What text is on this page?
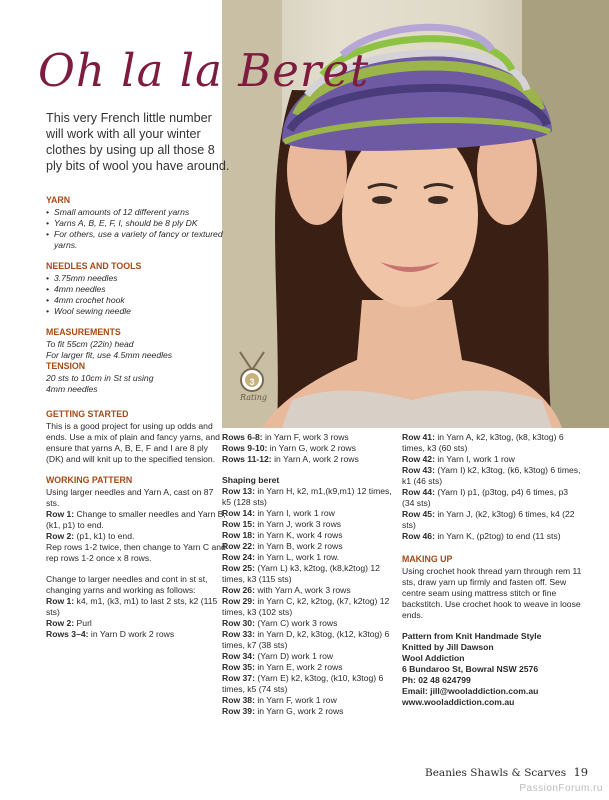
3
Rating
Oh la la Beret
This very French little number will work with all your winter clothes by using up all those 8 ply bits of wool you have around.
YARN
• Small amounts of 12 different yarns
• Yarns A, B, E, F, I, should be 8 ply DK
• For others, use a variety of fancy or textured yarns.
NEEDLES AND TOOLS
• 3.75mm needles
• 4mm needles
• 4mm crochet hook
• Wool sewing needle
MEASUREMENTS

To fit 55cm (22in) head

For larger fit, use 4.5mm needles

TENSION

20 sts to 10cm in St st using

4mm needles

GETTING STARTED

This is a good project for using up odds and ends. Use a mix of plain and fancy yarns, and ensure that yarns A, B, E, F and I are 8 ply (DK) and will knit up to the specified tension.

WORKING PATTERN

Using larger needles and Yarn A, cast on 87 sts.

Row 1: Change to smaller needles and Yarn B, (k1, p1) to end.

Row 2: (p1, k1) to end.

Rep rows 1-2 twice, then change to Yarn C and rep rows 1-2 once x 8 rows.

Change to larger needles and cont in st st, changing yarns and working as follows:

Row 1: k4, m1, (k3, m1) to last 2 sts, k2 (115 sts)

Row 2: Purl

Rows 3–4: in Yarn D work 2 rows

Rows 6-8: in Yarn F, work 3 rows

Rows 9-10: in Yarn G, work 2 rows

Rows 11-12: in Yarn A, work 2 rows

Shaping beret

Row 13: in Yarn H, k2, m1,(k9,m1) 12 times, k5 (128 sts)

Row 14: in Yarn I, work 1 row

Row 15: in Yarn J, work 3 rows

Row 18: in Yarn K, work 4 rows

Row 22: in Yarn B, work 2 rows

Row 24: in Yarn L, work 1 row.

Row 25: (Yarn L) k3, k2tog, (k8,k2tog) 12 times, k3 (115 sts)

Row 26: with Yarn A, work 3 rows

Row 29: in Yarn C, k2, k2tog, (k7, k2tog) 12 times, k3 (102 sts)

Row 30: (Yarn C) work 3 rows

Row 33: in Yarn D, k2, k3tog, (k12, k3tog) 6 times, k7 (38 sts)

Row 34: (Yarn D) work 1 row

Row 35: in Yarn E, work 2 rows

Row 37: (Yarn E) k2, k3tog, (k10, k3tog) 6 times, k5 (74 sts)

Row 38: in Yarn F, work 1 row

Row 39: in Yarn G, work 2 rows

Row 41: in Yarn A, k2, k3tog, (k8, k3tog) 6 times, k3 (60 sts)

Row 42: in Yarn I, work 1 row

Row 43: (Yarn I) k2, k3tog, (k6, k3tog) 6 times, k1 (46 sts)

Row 44: (Yarn I) p1, (p3tog, p4) 6 times, p3 (34 sts)

Row 45: in Yarn J, (k2, k3tog) 6 times, k4 (22 sts)

Row 46: in Yarn K, (p2tog) to end (11 sts)

MAKING UP

Using crochet hook thread yarn through rem 11 sts, draw yarn up firmly and fasten off. Sew centre seam using mattress stitch or fine backstitch. Use crochet hook to weave in loose ends.

Pattern from Knit Handmade Style

Knitted by Jill Dawson

Wool Addiction

6 Bundaroo St, Bowral NSW 2576

Ph: 02 48 624799

Email: jill@wooladdiction.com.au

www.wooladdiction.com.au

Beanies Shawls & Scarves 19
PassionForum.ru
